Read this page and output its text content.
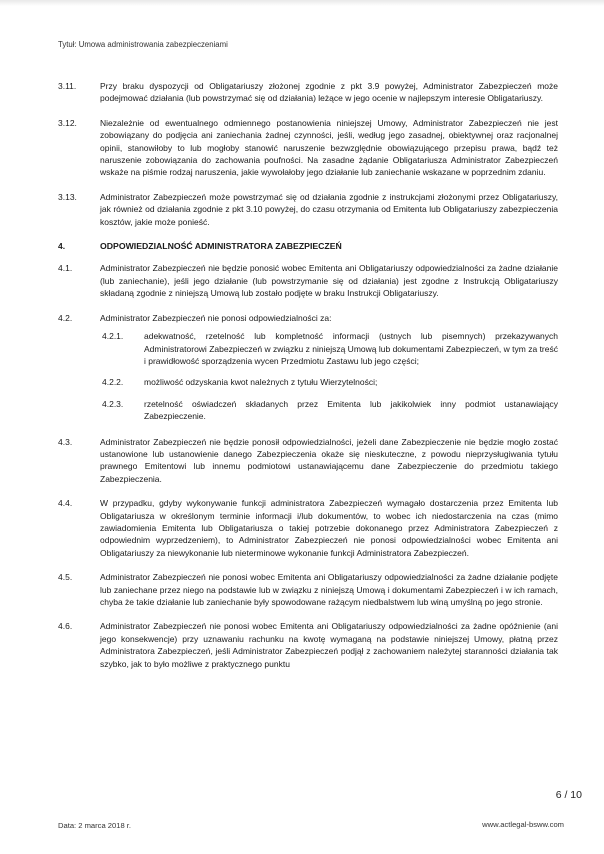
Tytuł: Umowa administrowania zabezpieczeniami
3.11.	Przy braku dyspozycji od Obligatariuszy złożonej zgodnie z pkt 3.9 powyżej, Administrator Zabezpieczeń może podejmować działania (lub powstrzymać się od działania) leżące w jego ocenie w najlepszym interesie Obligatariuszy.
3.12.	Niezależnie od ewentualnego odmiennego postanowienia niniejszej Umowy, Administrator Zabezpieczeń nie jest zobowiązany do podjęcia ani zaniechania żadnej czynności, jeśli, według jego zasadnej, obiektywnej oraz racjonalnej opinii, stanowiłoby to lub mogłoby stanowić naruszenie bezwzględnie obowiązującego przepisu prawa, bądź też naruszenie zobowiązania do zachowania poufności. Na zasadne żądanie Obligatariusza Administrator Zabezpieczeń wskaże na piśmie rodzaj naruszenia, jakie wywołałoby jego działanie lub zaniechanie wskazane w poprzednim zdaniu.
3.13.	Administrator Zabezpieczeń może powstrzymać się od działania zgodnie z instrukcjami złożonymi przez Obligatariuszy, jak również od działania zgodnie z pkt 3.10 powyżej, do czasu otrzymania od Emitenta lub Obligatariuszy zabezpieczenia kosztów, jakie może ponieść.
4.	ODPOWIEDZIALNOŚĆ ADMINISTRATORA ZABEZPIECZEŃ
4.1.	Administrator Zabezpieczeń nie będzie ponosić wobec Emitenta ani Obligatariuszy odpowiedzialności za żadne działanie (lub zaniechanie), jeśli jego działanie (lub powstrzymanie się od działania) jest zgodne z Instrukcją Obligatariuszy składaną zgodnie z niniejszą Umową lub zostało podjęte w braku Instrukcji Obligatariuszy.
4.2.	Administrator Zabezpieczeń nie ponosi odpowiedzialności za:
4.2.1.	adekwatność, rzetelność lub kompletność informacji (ustnych lub pisemnych) przekazywanych Administratorowi Zabezpieczeń w związku z niniejszą Umową lub dokumentami Zabezpieczeń, w tym za treść i prawidłowość sporządzenia wycen Przedmiotu Zastawu lub jego części;
4.2.2.	możliwość odzyskania kwot należnych z tytułu Wierzytelności;
4.2.3.	rzetelność oświadczeń składanych przez Emitenta lub jakikolwiek inny podmiot ustanawiający Zabezpieczenie.
4.3.	Administrator Zabezpieczeń nie będzie ponosił odpowiedzialności, jeżeli dane Zabezpieczenie nie będzie mogło zostać ustanowione lub ustanowienie danego Zabezpieczenia okaże się nieskuteczne, z powodu nieprzysługiwania tytułu prawnego Emitentowi lub innemu podmiotowi ustanawiającemu dane Zabezpieczenie do przedmiotu takiego Zabezpieczenia.
4.4.	W przypadku, gdyby wykonywanie funkcji administratora Zabezpieczeń wymagało dostarczenia przez Emitenta lub Obligatariusza w określonym terminie informacji i/lub dokumentów, to wobec ich niedostarczenia na czas (mimo zawiadomienia Emitenta lub Obligatariusza o takiej potrzebie dokonanego przez Administratora Zabezpieczeń z odpowiednim wyprzedzeniem), to Administrator Zabezpieczeń nie ponosi odpowiedzialności wobec Emitenta ani Obligatariuszy za niewykonanie lub nieterminowe wykonanie funkcji Administratora Zabezpieczeń.
4.5.	Administrator Zabezpieczeń nie ponosi wobec Emitenta ani Obligatariuszy odpowiedzialności za żadne działanie podjęte lub zaniechane przez niego na podstawie lub w związku z niniejszą Umową i dokumentami Zabezpieczeń i w ich ramach, chyba że takie działanie lub zaniechanie były spowodowane rażącym niedbalstwem lub winą umyślną po jego stronie.
4.6.	Administrator Zabezpieczeń nie ponosi wobec Emitenta ani Obligatariuszy odpowiedzialności za żadne opóźnienie (ani jego konsekwencje) przy uznawaniu rachunku na kwotę wymaganą na podstawie niniejszej Umowy, płatną przez Administratora Zabezpieczeń, jeśli Administrator Zabezpieczeń podjął z zachowaniem należytej staranności działania tak szybko, jak to było możliwe z praktycznego punktu
6 / 10
Data: 2 marca 2018 r.	www.actlegal-bsww.com
